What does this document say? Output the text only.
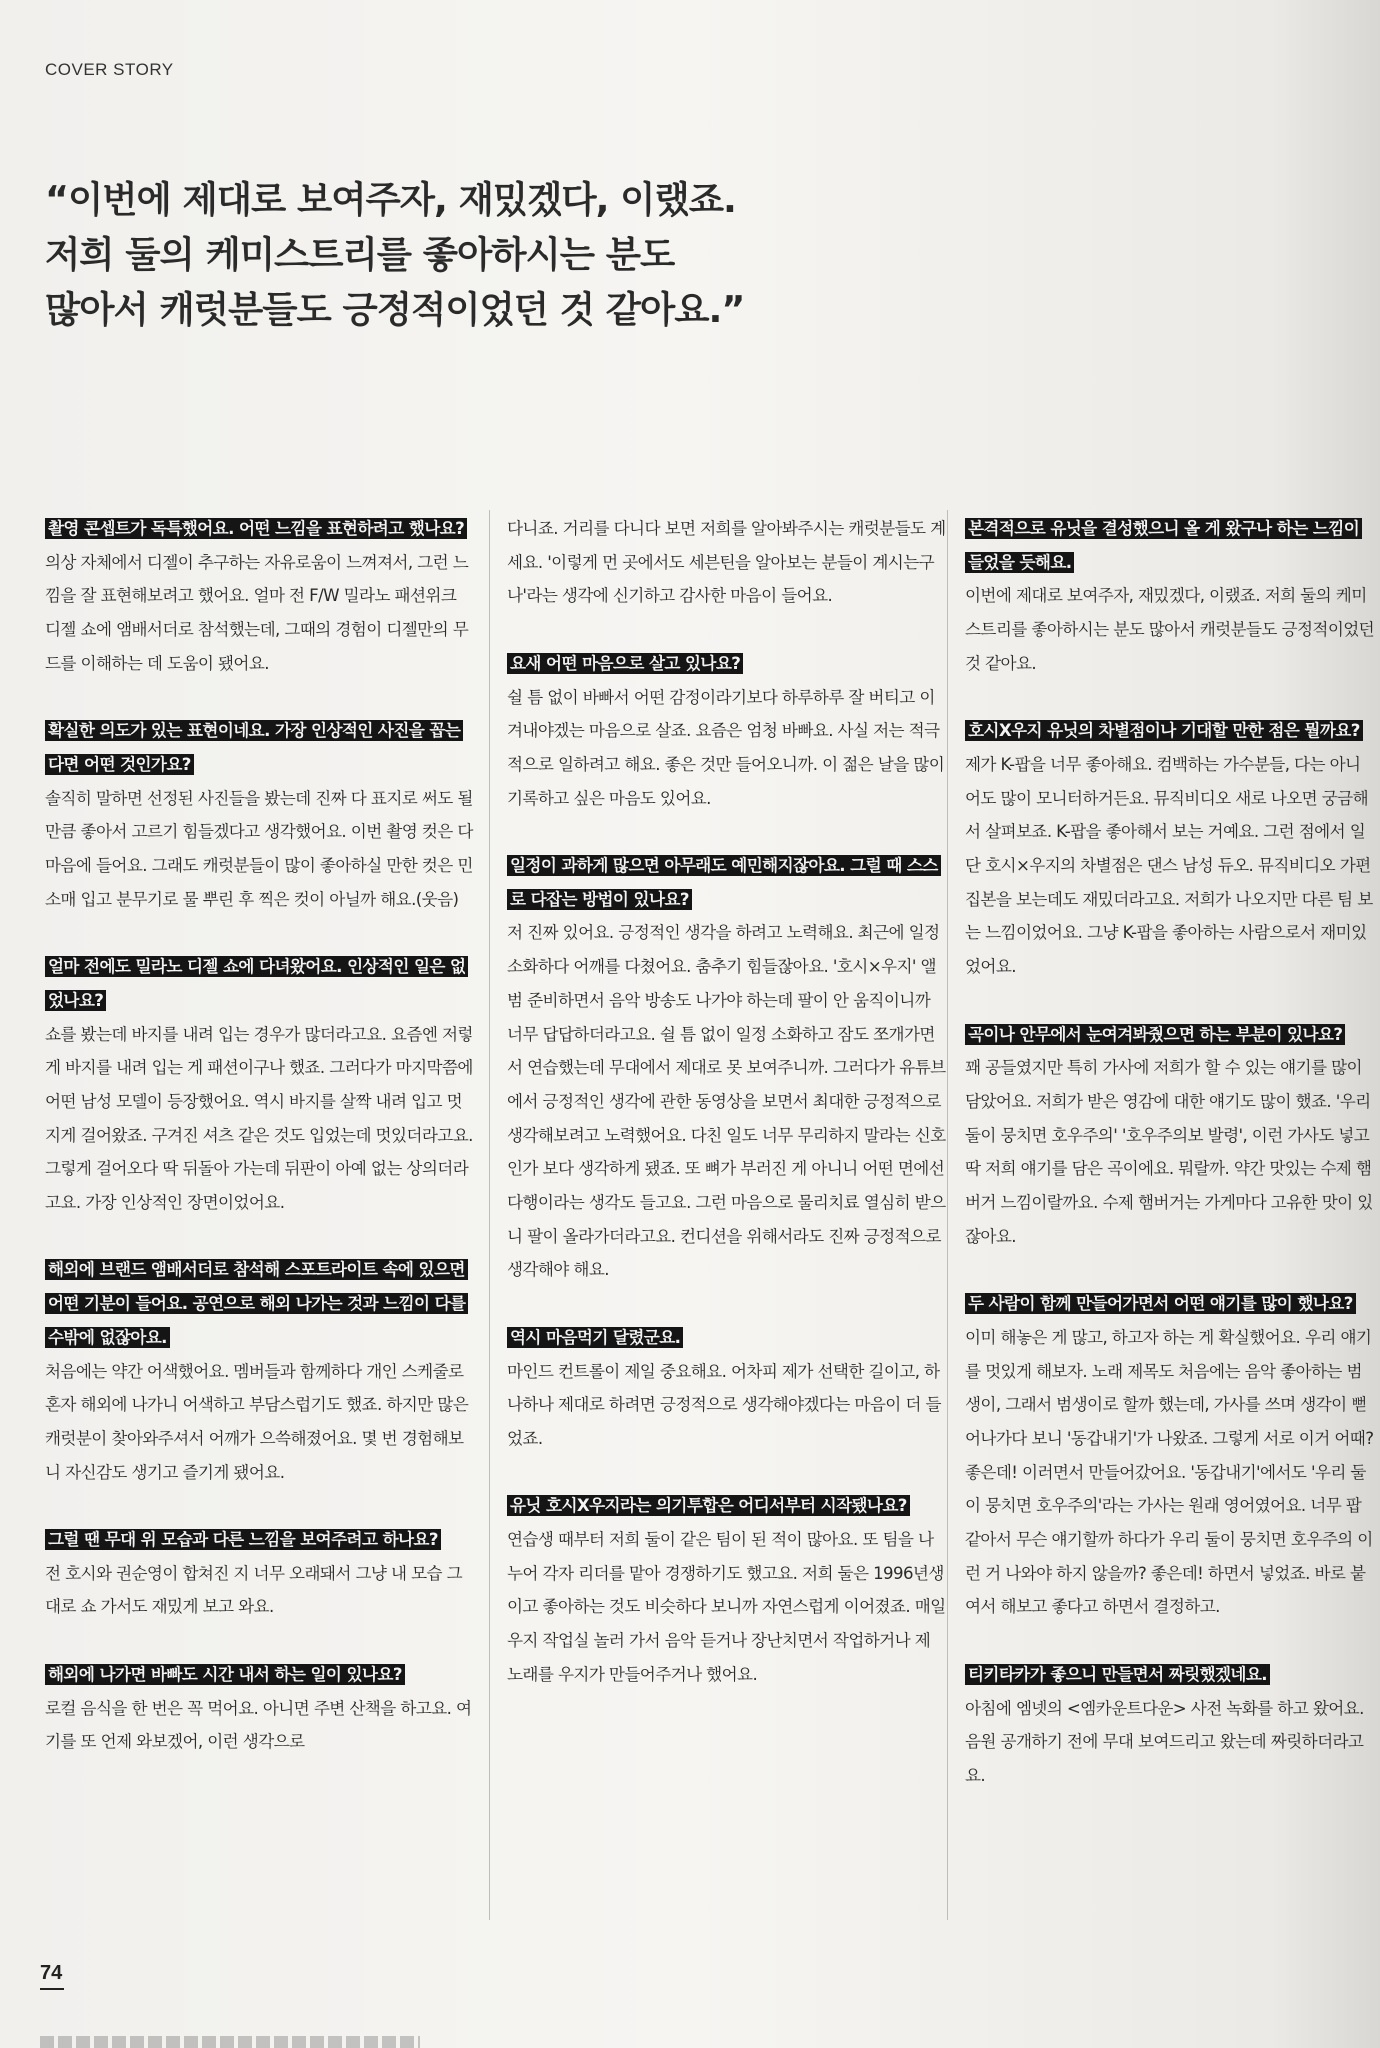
COVER STORY
“이번에 제대로 보여주자, 재밌겠다, 이랬죠.
저희 둘의 케미스트리를 좋아하시는 분도
많아서 캐럿분들도 긍정적이었던 것 같아요.”
촬영 콘셉트가 독특했어요. 어떤 느낌을 표현하려고 했나요?
의상 자체에서 디젤이 추구하는 자유로움이 느껴져서, 그런 느낌을 잘 표현해보려고 했어요. 얼마 전 F/W 밀라노 패션위크 디젤 쇼에 앰배서더로 참석했는데, 그때의 경험이 디젤만의 무드를 이해하는 데 도움이 됐어요.
확실한 의도가 있는 표현이네요. 가장 인상적인 사진을 꼽는다면 어떤 것인가요?
솔직히 말하면 선정된 사진들을 봤는데 진짜 다 표지로 써도 될 만큼 좋아서 고르기 힘들겠다고 생각했어요. 이번 촬영 컷은 다 마음에 들어요. 그래도 캐럿분들이 많이 좋아하실 만한 컷은 민소매 입고 분무기로 물 뿌린 후 찍은 컷이 아닐까 해요.(웃음)
얼마 전에도 밀라노 디젤 쇼에 다녀왔어요. 인상적인 일은 없었나요?
쇼를 봤는데 바지를 내려 입는 경우가 많더라고요. 요즘엔 저렇게 바지를 내려 입는 게 패션이구나 했죠. 그러다가 마지막쯤에 어떤 남성 모델이 등장했어요. 역시 바지를 살짝 내려 입고 멋지게 걸어왔죠. 구겨진 셔츠 같은 것도 입었는데 멋있더라고요. 그렇게 걸어오다 딱 뒤돌아 가는데 뒤판이 아예 없는 상의더라고요. 가장 인상적인 장면이었어요.
해외에 브랜드 앰배서더로 참석해 스포트라이트 속에 있으면 어떤 기분이 들어요. 공연으로 해외 나가는 것과 느낌이 다를 수밖에 없잖아요.
처음에는 약간 어색했어요. 멤버들과 함께하다 개인 스케줄로 혼자 해외에 나가니 어색하고 부담스럽기도 했죠. 하지만 많은 캐럿분이 찾아와주셔서 어깨가 으쓱해졌어요. 몇 번 경험해보니 자신감도 생기고 즐기게 됐어요.
그럴 땐 무대 위 모습과 다른 느낌을 보여주려고 하나요?
전 호시와 권순영이 합쳐진 지 너무 오래돼서 그냥 내 모습 그대로 쇼 가서도 재밌게 보고 와요.
해외에 나가면 바빠도 시간 내서 하는 일이 있나요?
로컬 음식을 한 번은 꼭 먹어요. 아니면 주변 산책을 하고요. 여기를 또 언제 와보겠어, 이런 생각으로
다니죠. 거리를 다니다 보면 저희를 알아봐주시는 캐럿분들도 계세요. '이렇게 먼 곳에서도 세븐틴을 알아보는 분들이 계시는구나'라는 생각에 신기하고 감사한 마음이 들어요.
요새 어떤 마음으로 살고 있나요?
쉴 틈 없이 바빠서 어떤 감정이라기보다 하루하루 잘 버티고 이겨내야겠는 마음으로 살죠. 요즘은 엄청 바빠요. 사실 저는 적극적으로 일하려고 해요. 좋은 것만 들어오니까. 이 젊은 날을 많이 기록하고 싶은 마음도 있어요.
일정이 과하게 많으면 아무래도 예민해지잖아요. 그럴 때 스스로 다잡는 방법이 있나요?
저 진짜 있어요. 긍정적인 생각을 하려고 노력해요. 최근에 일정 소화하다 어깨를 다쳤어요. 춤추기 힘들잖아요. '호시×우지' 앨범 준비하면서 음악 방송도 나가야 하는데 팔이 안 움직이니까 너무 답답하더라고요. 쉴 틈 없이 일정 소화하고 잠도 쪼개가면서 연습했는데 무대에서 제대로 못 보여주니까. 그러다가 유튜브에서 긍정적인 생각에 관한 동영상을 보면서 최대한 긍정적으로 생각해보려고 노력했어요. 다친 일도 너무 무리하지 말라는 신호인가 보다 생각하게 됐죠. 또 뼈가 부러진 게 아니니 어떤 면에선 다행이라는 생각도 들고요. 그런 마음으로 물리치료 열심히 받으니 팔이 올라가더라고요. 컨디션을 위해서라도 진짜 긍정적으로 생각해야 해요.
역시 마음먹기 달렸군요.
마인드 컨트롤이 제일 중요해요. 어차피 제가 선택한 길이고, 하나하나 제대로 하려면 긍정적으로 생각해야겠다는 마음이 더 들었죠.
유닛 호시X우지라는 의기투합은 어디서부터 시작됐나요?
연습생 때부터 저희 둘이 같은 팀이 된 적이 많아요. 또 팀을 나누어 각자 리더를 맡아 경쟁하기도 했고요. 저희 둘은 1996년생이고 좋아하는 것도 비슷하다 보니까 자연스럽게 이어졌죠. 매일 우지 작업실 놀러 가서 음악 듣거나 장난치면서 작업하거나 제 노래를 우지가 만들어주거나 했어요.
본격적으로 유닛을 결성했으니 올 게 왔구나 하는 느낌이 들었을 듯해요.
이번에 제대로 보여주자, 재밌겠다, 이랬죠. 저희 둘의 케미스트리를 좋아하시는 분도 많아서 캐럿분들도 긍정적이었던 것 같아요.
호시X우지 유닛의 차별점이나 기대할 만한 점은 뭘까요?
제가 K-팝을 너무 좋아해요. 컴백하는 가수분들, 다는 아니어도 많이 모니터하거든요. 뮤직비디오 새로 나오면 궁금해서 살펴보죠. K-팝을 좋아해서 보는 거예요. 그런 점에서 일단 호시×우지의 차별점은 댄스 남성 듀오. 뮤직비디오 가편집본을 보는데도 재밌더라고요. 저희가 나오지만 다른 팀 보는 느낌이었어요. 그냥 K-팝을 좋아하는 사람으로서 재미있었어요.
곡이나 안무에서 눈여겨봐줬으면 하는 부분이 있나요?
꽤 공들였지만 특히 가사에 저희가 할 수 있는 얘기를 많이 담았어요. 저희가 받은 영감에 대한 얘기도 많이 했죠. '우리 둘이 뭉치면 호우주의' '호우주의보 발령', 이런 가사도 넣고 딱 저희 얘기를 담은 곡이에요. 뭐랄까. 약간 맛있는 수제 햄버거 느낌이랄까요. 수제 햄버거는 가게마다 고유한 맛이 있잖아요.
두 사람이 함께 만들어가면서 어떤 얘기를 많이 했나요?
이미 해놓은 게 많고, 하고자 하는 게 확실했어요. 우리 얘기를 멋있게 해보자. 노래 제목도 처음에는 음악 좋아하는 범생이, 그래서 범생이로 할까 했는데, 가사를 쓰며 생각이 뻗어나가다 보니 '동갑내기'가 나왔죠. 그렇게 서로 이거 어때? 좋은데! 이러면서 만들어갔어요. '동갑내기'에서도 '우리 둘이 뭉치면 호우주의'라는 가사는 원래 영어였어요. 너무 팝 같아서 무슨 얘기할까 하다가 우리 둘이 뭉치면 호우주의 이런 거 나와야 하지 않을까? 좋은데! 하면서 넣었죠. 바로 붙여서 해보고 좋다고 하면서 결정하고.
티키타카가 좋으니 만들면서 짜릿했겠네요.
아침에 엠넷의 <엠카운트다운> 사전 녹화를 하고 왔어요. 음원 공개하기 전에 무대 보여드리고 왔는데 짜릿하더라고요.
74
